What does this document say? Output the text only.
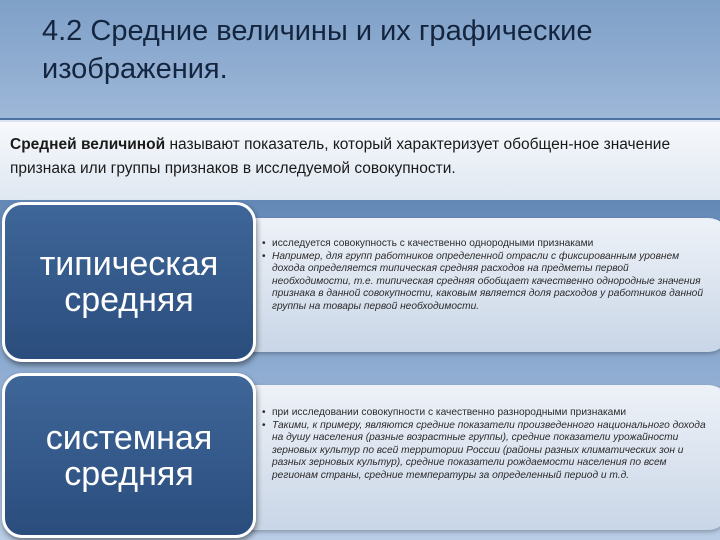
4.2 Средние величины и их графические изображения.
Средней величиной называют показатель, который характеризует обобщен-ное значение признака или группы признаков в исследуемой совокупности.
• исследуется совокупность с качественно однородными признаками
• Например, для групп работников определенной отрасли с фиксированным уровнем дохода определяется типическая средняя расходов на предметы первой необходимости, т.е. типическая средняя обобщает качественно однородные значения признака в данной совокупности, каковым является доля расходов у работников данной группы на товары первой необходимости.
типическая
средняя
• при исследовании совокупности с качественно разнородными признаками
• Такими, к примеру, являются средние показатели произведенного национального дохода на душу населения (разные возрастные группы), средние показатели урожайности зерновых культур по всей территории России (районы разных климатических зон и разных зерновых культур), средние показатели рождаемости населения по всем регионам страны, средние температуры за определенный период и т.д.
системная
средняя
